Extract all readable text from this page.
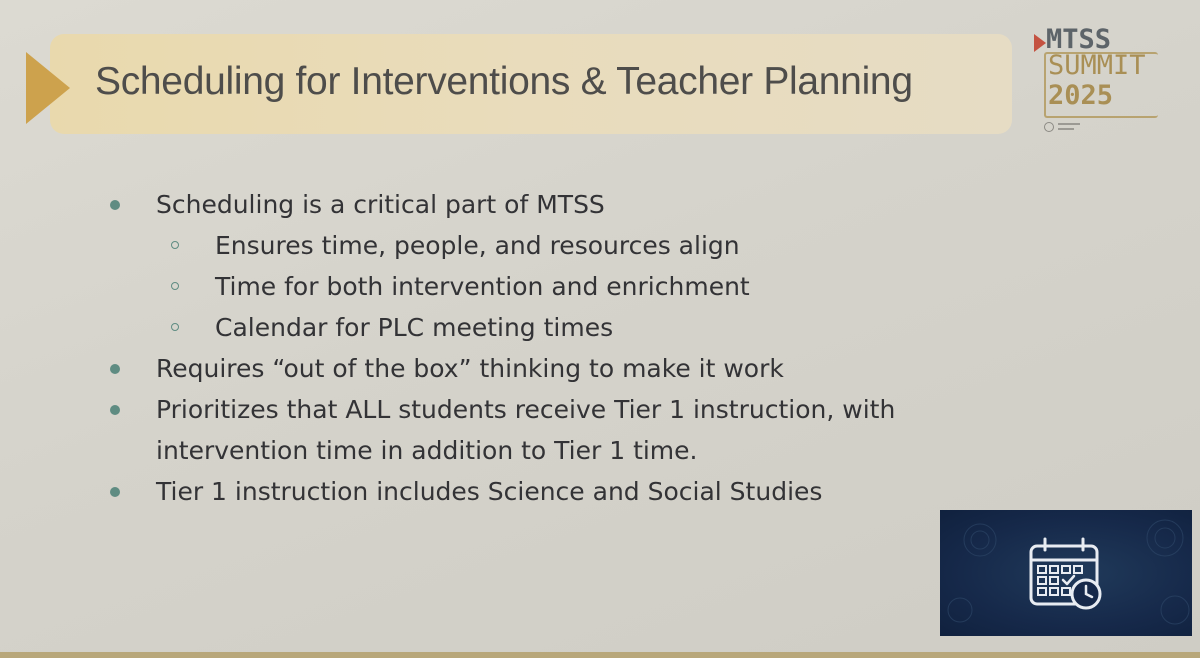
Scheduling for Interventions & Teacher Planning
MTSS
SUMMIT
2025
Scheduling is a critical part of MTSS
Ensures time, people, and resources align
Time for both intervention and enrichment
Calendar for PLC meeting times
Requires “out of the box” thinking to make it work
Prioritizes that ALL students receive Tier 1 instruction, with
intervention time in addition to Tier 1 time.
Tier 1 instruction includes Science and Social Studies
